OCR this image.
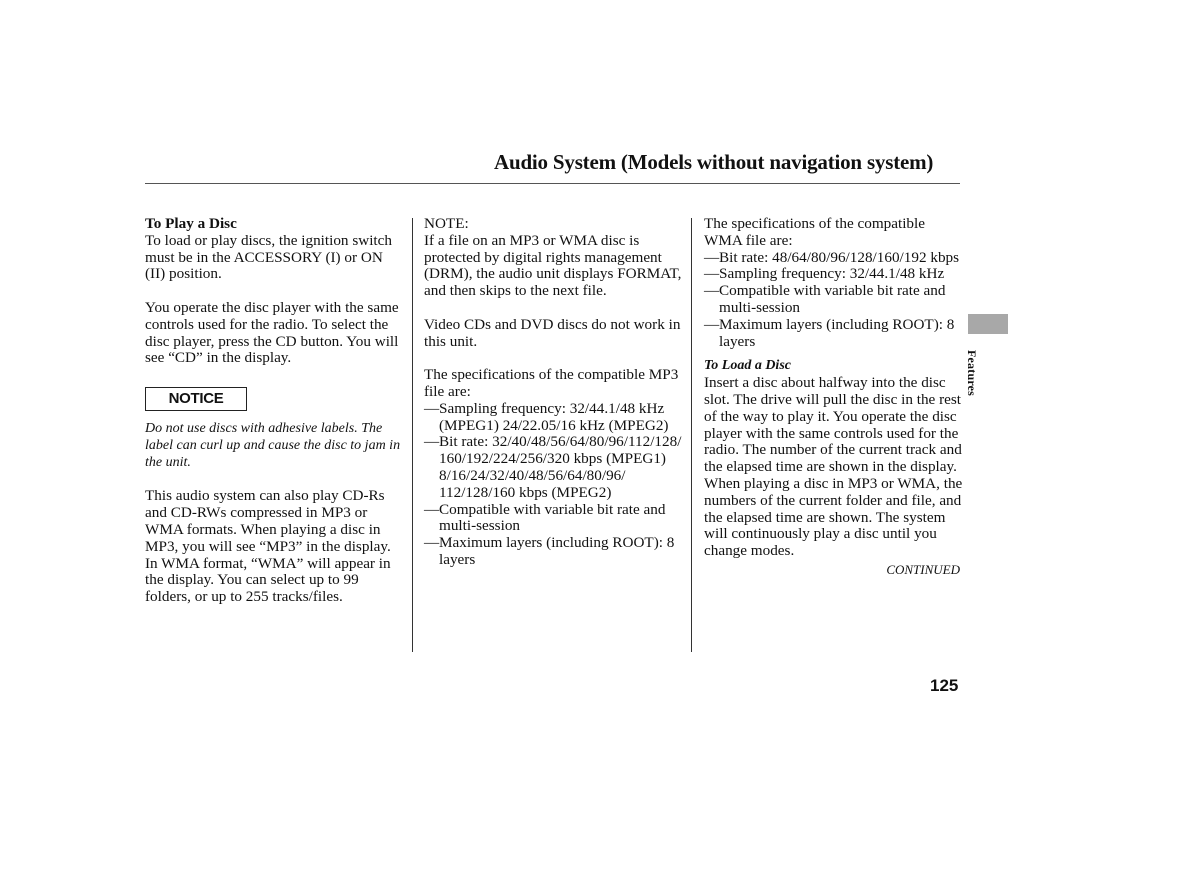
Audio System (Models without navigation system)
To Play a Disc

To load or play discs, the ignition switch must be in the ACCESSORY (I) or ON (II) position.

You operate the disc player with the same controls used for the radio. To select the disc player, press the CD button. You will see “CD” in the display.

NOTICE
Do not use discs with adhesive labels. The label can curl up and cause the disc to jam in the unit.

This audio system can also play CD-Rs and CD-RWs compressed in MP3 or WMA formats. When playing a disc in MP3, you will see “MP3” in the display. In WMA format, “WMA” will appear in the display. You can select up to 99 folders, or up to 255 tracks/files.

NOTE:

If a file on an MP3 or WMA disc is protected by digital rights management (DRM), the audio unit displays FORMAT, and then skips to the next file.

Video CDs and DVD discs do not work in this unit.

The specifications of the compatible MP3 file are:

— Sampling frequency: 32/44.1/48 kHz (MPEG1) 24/22.05/16 kHz (MPEG2)
— Bit rate: 32/40/48/56/64/80/96/112/128/ 160/192/224/256/320 kbps (MPEG1) 8/16/24/32/40/48/56/64/80/96/ 112/128/160 kbps (MPEG2)
— Compatible with variable bit rate and multi-session
— Maximum layers (including ROOT): 8 layers

The specifications of the compatible WMA file are:

— Bit rate: 48/64/80/96/128/160/192 kbps
— Sampling frequency: 32/44.1/48 kHz
— Compatible with variable bit rate and multi-session
— Maximum layers (including ROOT): 8 layers
To Load a Disc

Insert a disc about halfway into the disc slot. The drive will pull the disc in the rest of the way to play it. You operate the disc player with the same controls used for the radio. The number of the current track and the elapsed time are shown in the display. When playing a disc in MP3 or WMA, the numbers of the current folder and file, and the elapsed time are shown. The system will continuously play a disc until you change modes.

CONTINUED
125
Features
